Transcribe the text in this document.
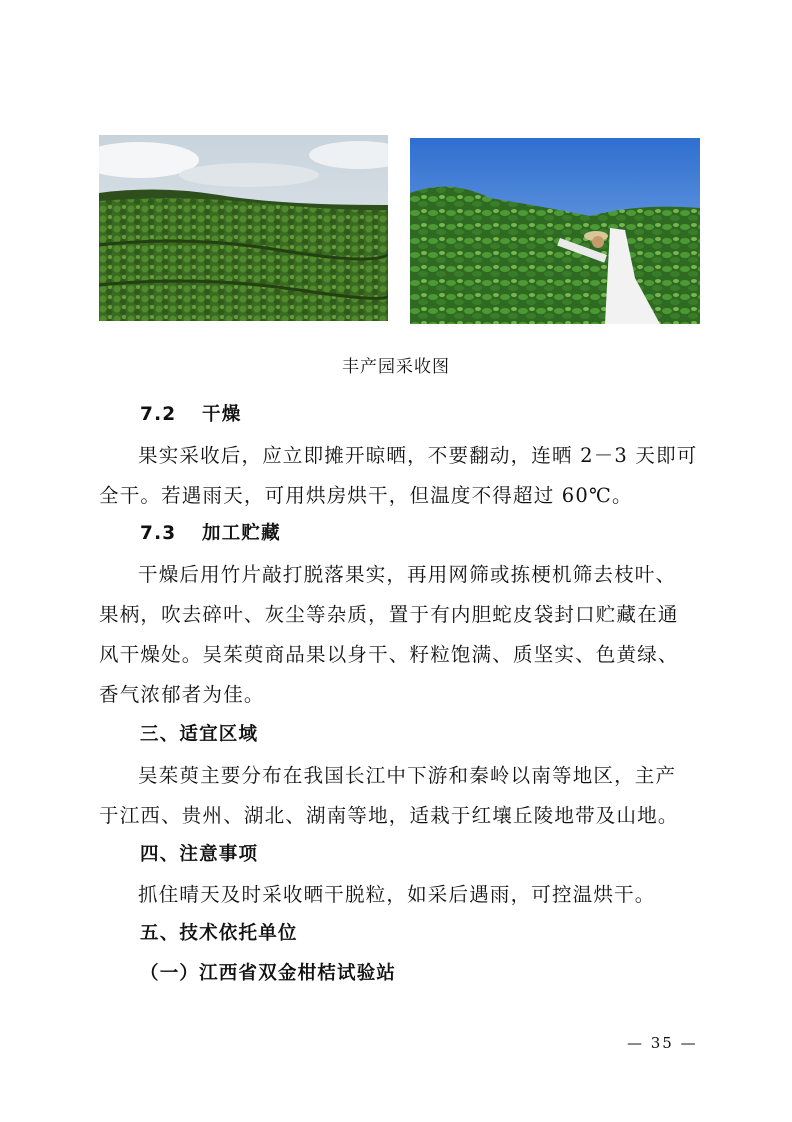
丰产园采收图
7.2 干燥
果实采收后，应立即摊开晾晒，不要翻动，连晒 2－3 天即可
全干。若遇雨天，可用烘房烘干，但温度不得超过 60℃。
7.3 加工贮藏
干燥后用竹片敲打脱落果实，再用网筛或拣梗机筛去枝叶、
果柄，吹去碎叶、灰尘等杂质，置于有内胆蛇皮袋封口贮藏在通
风干燥处。吴茱萸商品果以身干、籽粒饱满、质坚实、色黄绿、
香气浓郁者为佳。
三、适宜区域
吴茱萸主要分布在我国长江中下游和秦岭以南等地区，主产
于江西、贵州、湖北、湖南等地，适栽于红壤丘陵地带及山地。
四、注意事项
抓住晴天及时采收晒干脱粒，如采后遇雨，可控温烘干。
五、技术依托单位
（一）江西省双金柑桔试验站
— 35 —
